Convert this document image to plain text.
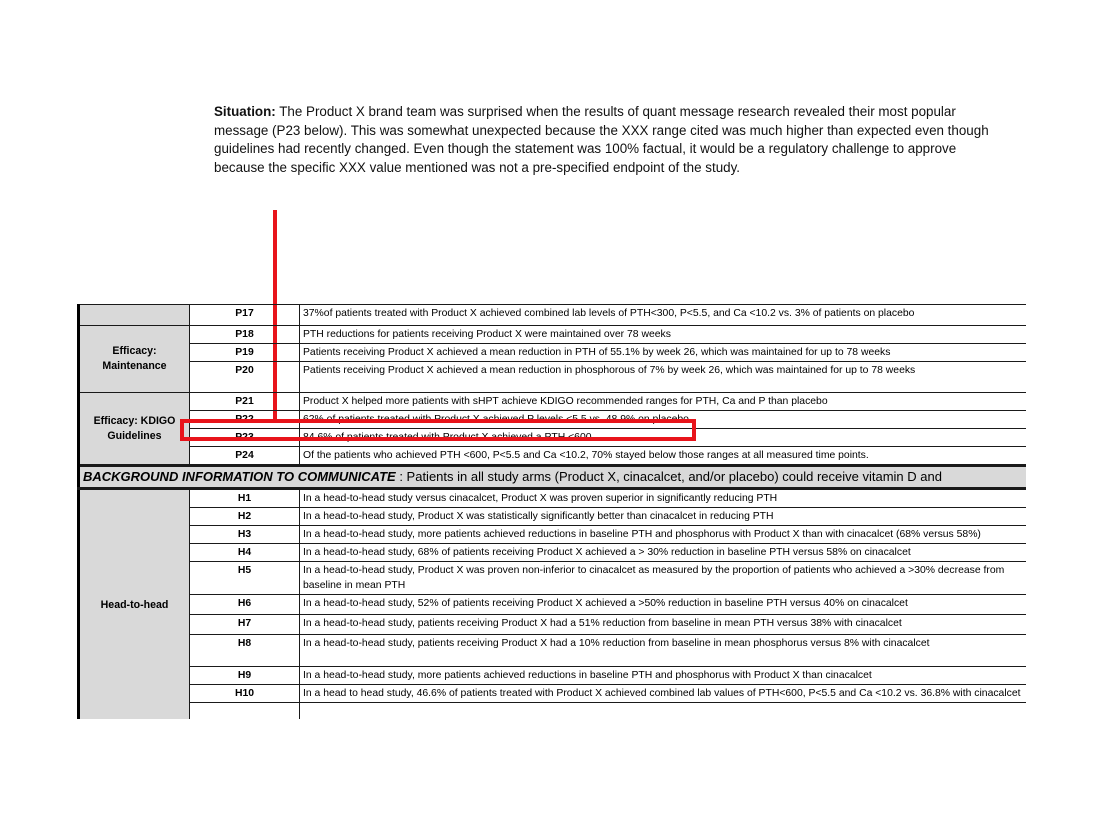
Situation: The Product X brand team was surprised when the results of quant message research revealed their most popular message (P23 below). This was somewhat unexpected because the XXX range cited was much higher than expected even though guidelines had recently changed. Even though the statement was 100% factual, it would be a regulatory challenge to approve because the specific XXX value mentioned was not a pre-specified endpoint of the study.
	P17	37%of patients treated with Product X achieved combined lab levels of PTH<300, P<5.5, and Ca <10.2 vs. 3% of patients on placebo
Efficacy: Maintenance	P18	PTH reductions for patients receiving Product X were maintained over 78 weeks
	P19	Patients receiving Product X achieved a mean reduction in PTH of 55.1% by week 26, which was maintained for up to 78 weeks
	P20	Patients receiving Product X achieved a mean reduction in phosphorous of 7% by week 26, which was maintained for up to 78 weeks
Efficacy: KDIGO Guidelines	P21	Product X helped more patients with sHPT achieve KDIGO recommended ranges for PTH, Ca and P than placebo
	P22	62% of patients treated with Product X achieved P levels <5.5 vs. 48.9% on placebo
	P23	84.6% of patients treated with Product X achieved a PTH <600.
	P24	Of the patients who achieved PTH <600, P<5.5 and Ca <10.2, 70% stayed below those ranges at all measured time points.
BACKGROUND INFORMATION TO COMMUNICATE : Patients in all study arms (Product X, cinacalcet, and/or placebo) could receive vitamin D and		
Head-to-head	H1	In a head-to-head study versus cinacalcet, Product X was proven superior in significantly reducing PTH
	H2	In a head-to-head study, Product X was statistically significantly better than cinacalcet in reducing PTH
	H3	In a head-to-head study, more patients achieved reductions in baseline PTH and phosphorus with Product X than with cinacalcet (68% versus 58%)
	H4	In a head-to-head study, 68% of patients receiving Product X achieved a > 30% reduction in baseline PTH versus 58% on cinacalcet
	H5	In a head-to-head study, Product X was proven non-inferior to cinacalcet as measured by the proportion of patients who achieved a >30% decrease from baseline in mean PTH
	H6	In a head-to-head study, 52% of patients receiving Product X achieved a >50% reduction in baseline PTH versus 40% on cinacalcet
	H7	In a head-to-head study, patients receiving Product X had a 51% reduction from baseline in mean PTH versus 38% with cinacalcet
	H8	In a head-to-head study, patients receiving Product X had a 10% reduction from baseline in mean phosphorus versus 8% with cinacalcet
	H9	In a head-to-head study, more patients achieved reductions in baseline PTH and phosphorus with Product X than cinacalcet
	H10	In a head to head study, 46.6% of patients treated with Product X achieved combined lab values of PTH<600, P<5.5 and Ca <10.2 vs. 36.8% with cinacalcet
